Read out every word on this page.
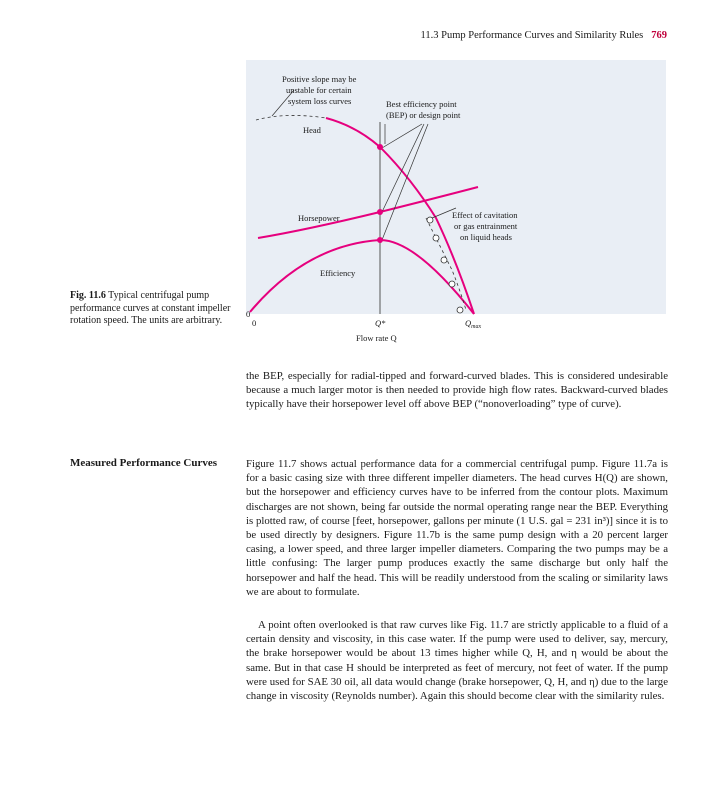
11.3 Pump Performance Curves and Similarity Rules 769
Positive slope may be
unstable for certain
system loss curves	Best efficiency point
(BEP) or design point
Effect of cavitation
or gas entrainment
on liquid heads
Head
Horsepower
Efficiency
0
0	Q*	$Q_{max}$
Flow rate Q
Fig. 11.6 Typical centrifugal pump performance curves at constant impeller rotation speed. The units are arbitrary.

the BEP, especially for radial-tipped and forward-curved blades. This is considered undesirable because a much larger motor is then needed to provide high flow rates. Backward-curved blades typically have their horsepower level off above BEP (“nonoverloading” type of curve).

Measured Performance Curves	Figure 11.7 shows actual performance data for a commercial centrifugal pump. Figure 11.7a is for a basic casing size with three different impeller diameters. The head curves H(Q) are shown, but the horsepower and efficiency curves have to be inferred from the contour plots. Maximum discharges are not shown, being far outside the normal operating range near the BEP. Everything is plotted raw, of course [feet, horsepower, gallons per minute (1 U.S. gal = 231 in³)] since it is to be used directly by designers. Figure 11.7b is the same pump design with a 20 percent larger casing, a lower speed, and three larger impeller diameters. Comparing the two pumps may be a little confusing: The larger pump produces exactly the same discharge but only half the horsepower and half the head. This will be readily understood from the scaling or similarity laws we are about to formulate.

A point often overlooked is that raw curves like Fig. 11.7 are strictly applicable to a fluid of a certain density and viscosity, in this case water. If the pump were used to deliver, say, mercury, the brake horsepower would be about 13 times higher while Q, H, and η would be about the same. But in that case H should be interpreted as feet of mercury, not feet of water. If the pump were used for SAE 30 oil, all data would change (brake horsepower, Q, H, and η) due to the large change in viscosity (Reynolds number). Again this should become clear with the similarity rules.
